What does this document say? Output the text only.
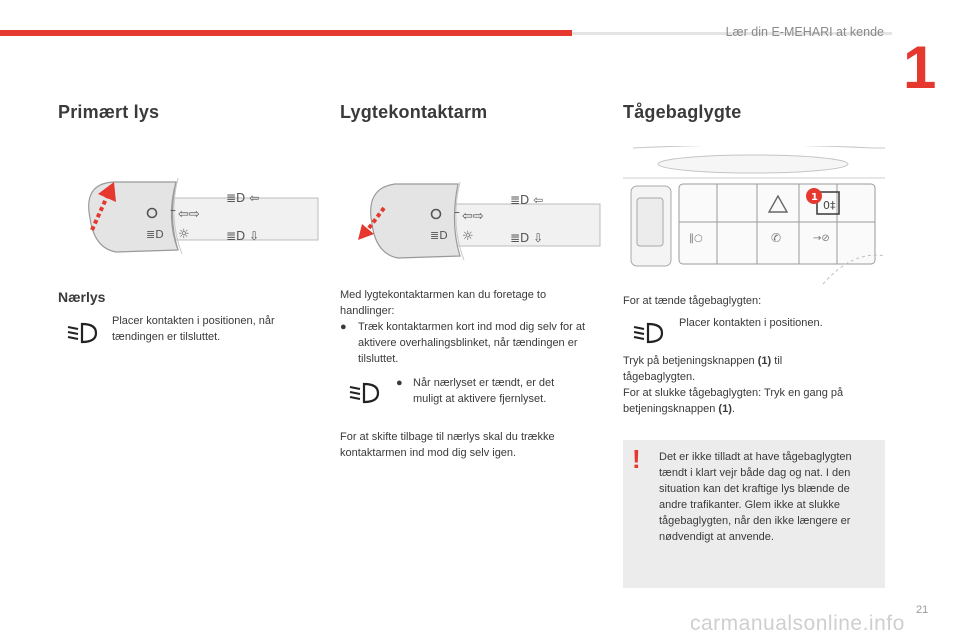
Lær din E-MEHARI at kende
1
Primært lys
≣D
– ⇦⇨
☼
≣D ⇦
≣D ⇩
Nærlys

Placer kontakten i positionen, når tændingen er tilsluttet.

Lygtekontaktarm
≣D
– ⇦⇨
☼
≣D ⇦
≣D ⇩

Med lygtekontaktarmen kan du foretage to handlinger:

● Træk kontaktarmen kort ind mod dig selv for at aktivere overhalingsblinket, når tændingen er tilsluttet.

● Når nærlyset er tændt, er det muligt at aktivere fjernlyset.

For at skifte tilbage til nærlys skal du trække kontaktarmen ind mod dig selv igen.

Tågebaglygte
0‡
‖○	✆	→⊘
1

For at tænde tågebaglygten:

Placer kontakten i positionen.

Tryk på betjeningsknappen (1) til tågebaglygten.

For at slukke tågebaglygten: Tryk en gang på betjeningsknappen (1).

! Det er ikke tilladt at have tågebaglygten tændt i klart vejr både dag og nat. I den situation kan det kraftige lys blænde de andre trafikanter. Glem ikke at slukke tågebaglygten, når den ikke længere er nødvendigt at anvende.

21
carmanualsonline.info
